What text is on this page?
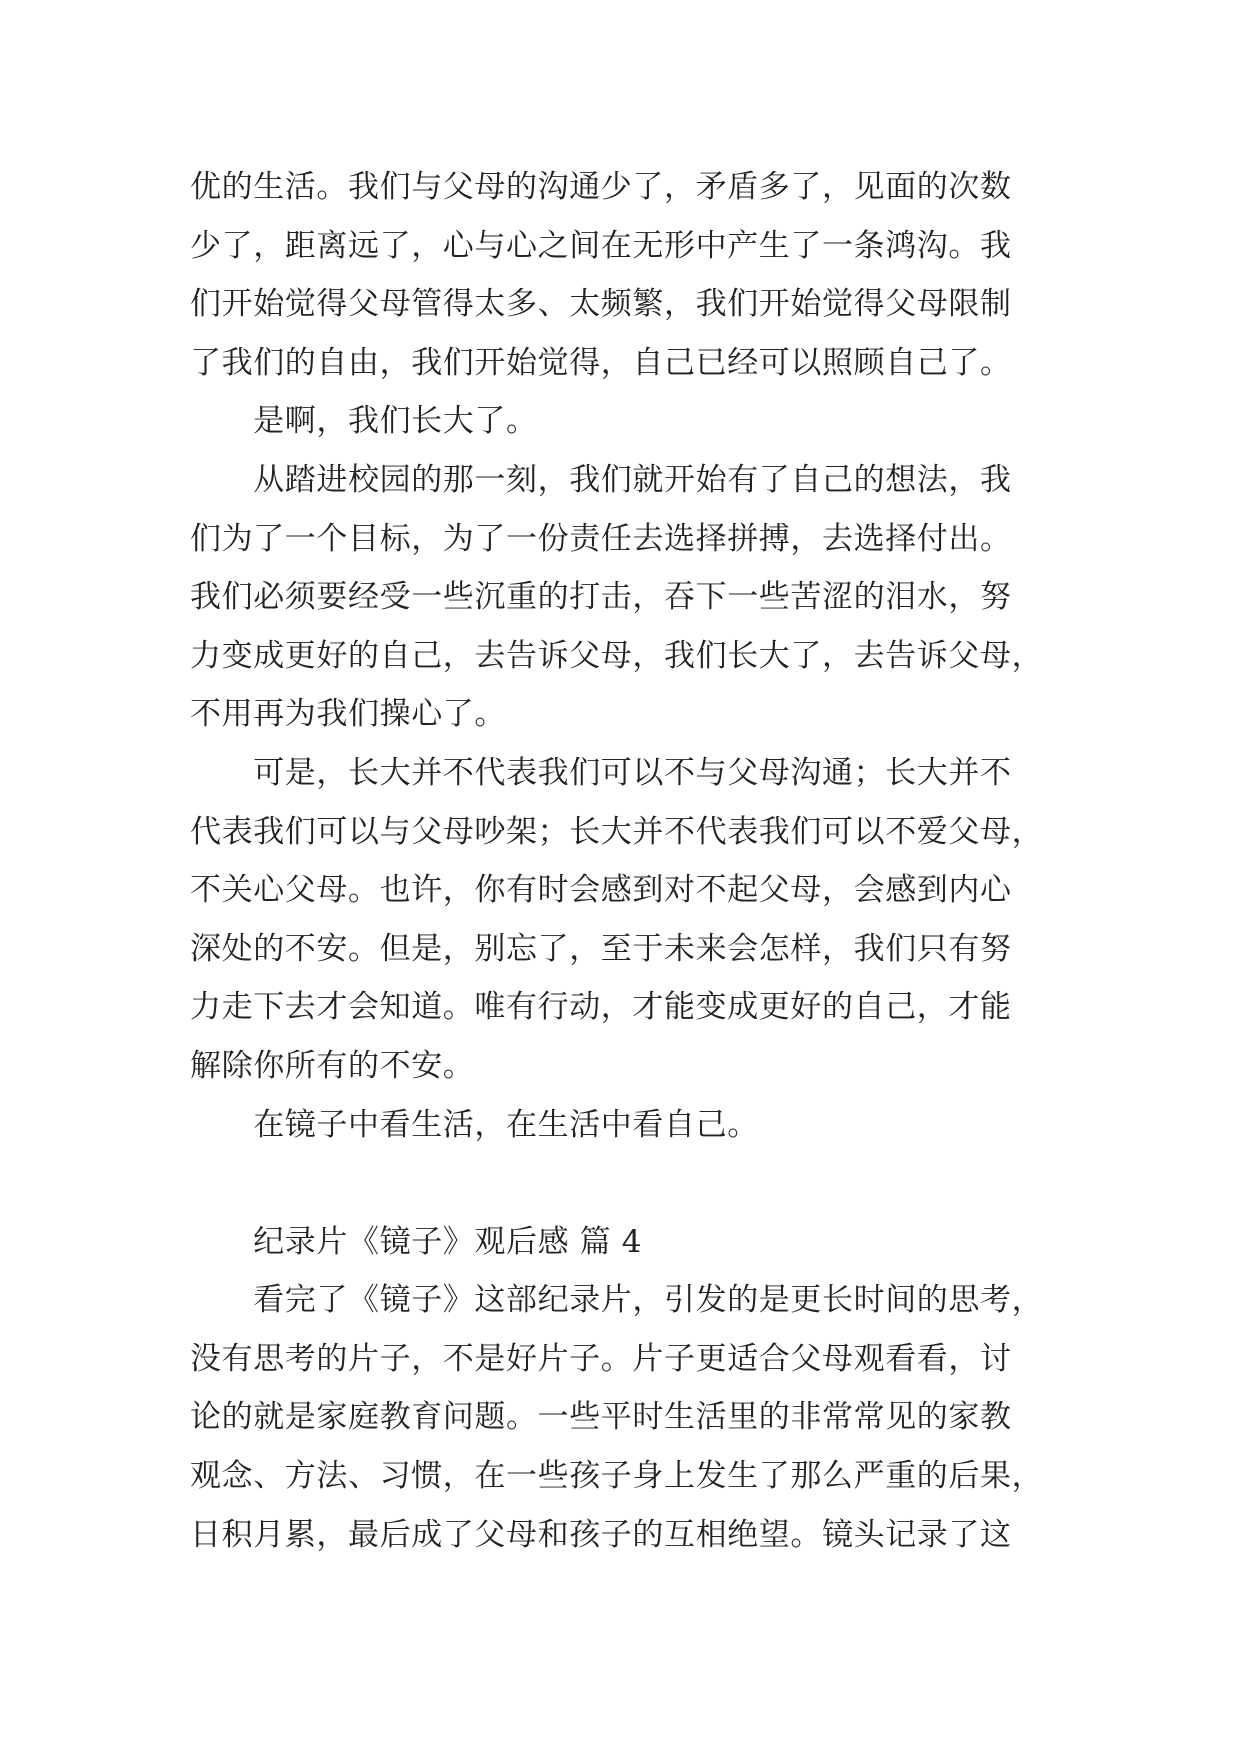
优的生活。我们与父母的沟通少了，矛盾多了，见面的次数
少了，距离远了，心与心之间在无形中产生了一条鸿沟。我
们开始觉得父母管得太多、太频繁，我们开始觉得父母限制
了我们的自由，我们开始觉得，自己已经可以照顾自己了。
　　是啊，我们长大了。
　　从踏进校园的那一刻，我们就开始有了自己的想法，我
们为了一个目标，为了一份责任去选择拼搏，去选择付出。
我们必须要经受一些沉重的打击，吞下一些苦涩的泪水，努
力变成更好的自己，去告诉父母，我们长大了，去告诉父母，
不用再为我们操心了。
　　可是，长大并不代表我们可以不与父母沟通；长大并不
代表我们可以与父母吵架；长大并不代表我们可以不爱父母，
不关心父母。也许，你有时会感到对不起父母，会感到内心
深处的不安。但是，别忘了，至于未来会怎样，我们只有努
力走下去才会知道。唯有行动，才能变成更好的自己，才能
解除你所有的不安。
　　在镜子中看生活，在生活中看自己。
　　纪录片《镜子》观后感 篇 4
　　看完了《镜子》这部纪录片，引发的是更长时间的思考，
没有思考的片子，不是好片子。片子更适合父母观看看，讨
论的就是家庭教育问题。一些平时生活里的非常常见的家教
观念、方法、习惯，在一些孩子身上发生了那么严重的后果，
日积月累，最后成了父母和孩子的互相绝望。镜头记录了这
